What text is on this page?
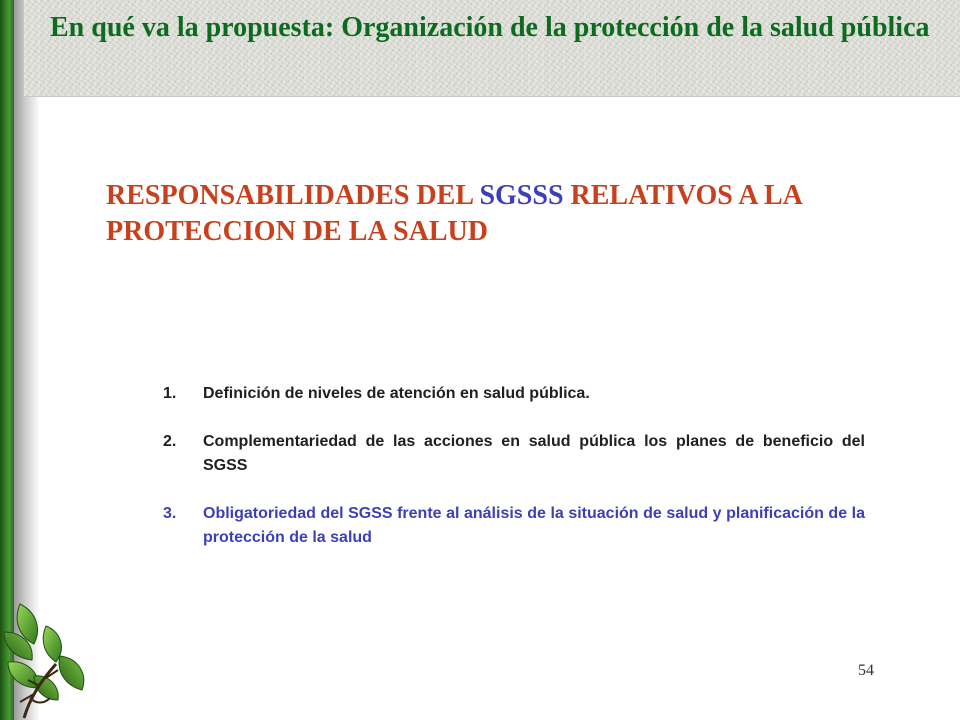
En qué va la propuesta: Organización de la protección de la salud pública
RESPONSABILIDADES DEL SGSSS RELATIVOS A LA PROTECCION DE LA SALUD
1.	Definición de niveles de atención en salud pública.
2.	Complementariedad de las acciones en salud pública los planes de beneficio del SGSS
3.	Obligatoriedad del SGSS frente al análisis de la situación de salud y planificación de la protección de la salud
54
